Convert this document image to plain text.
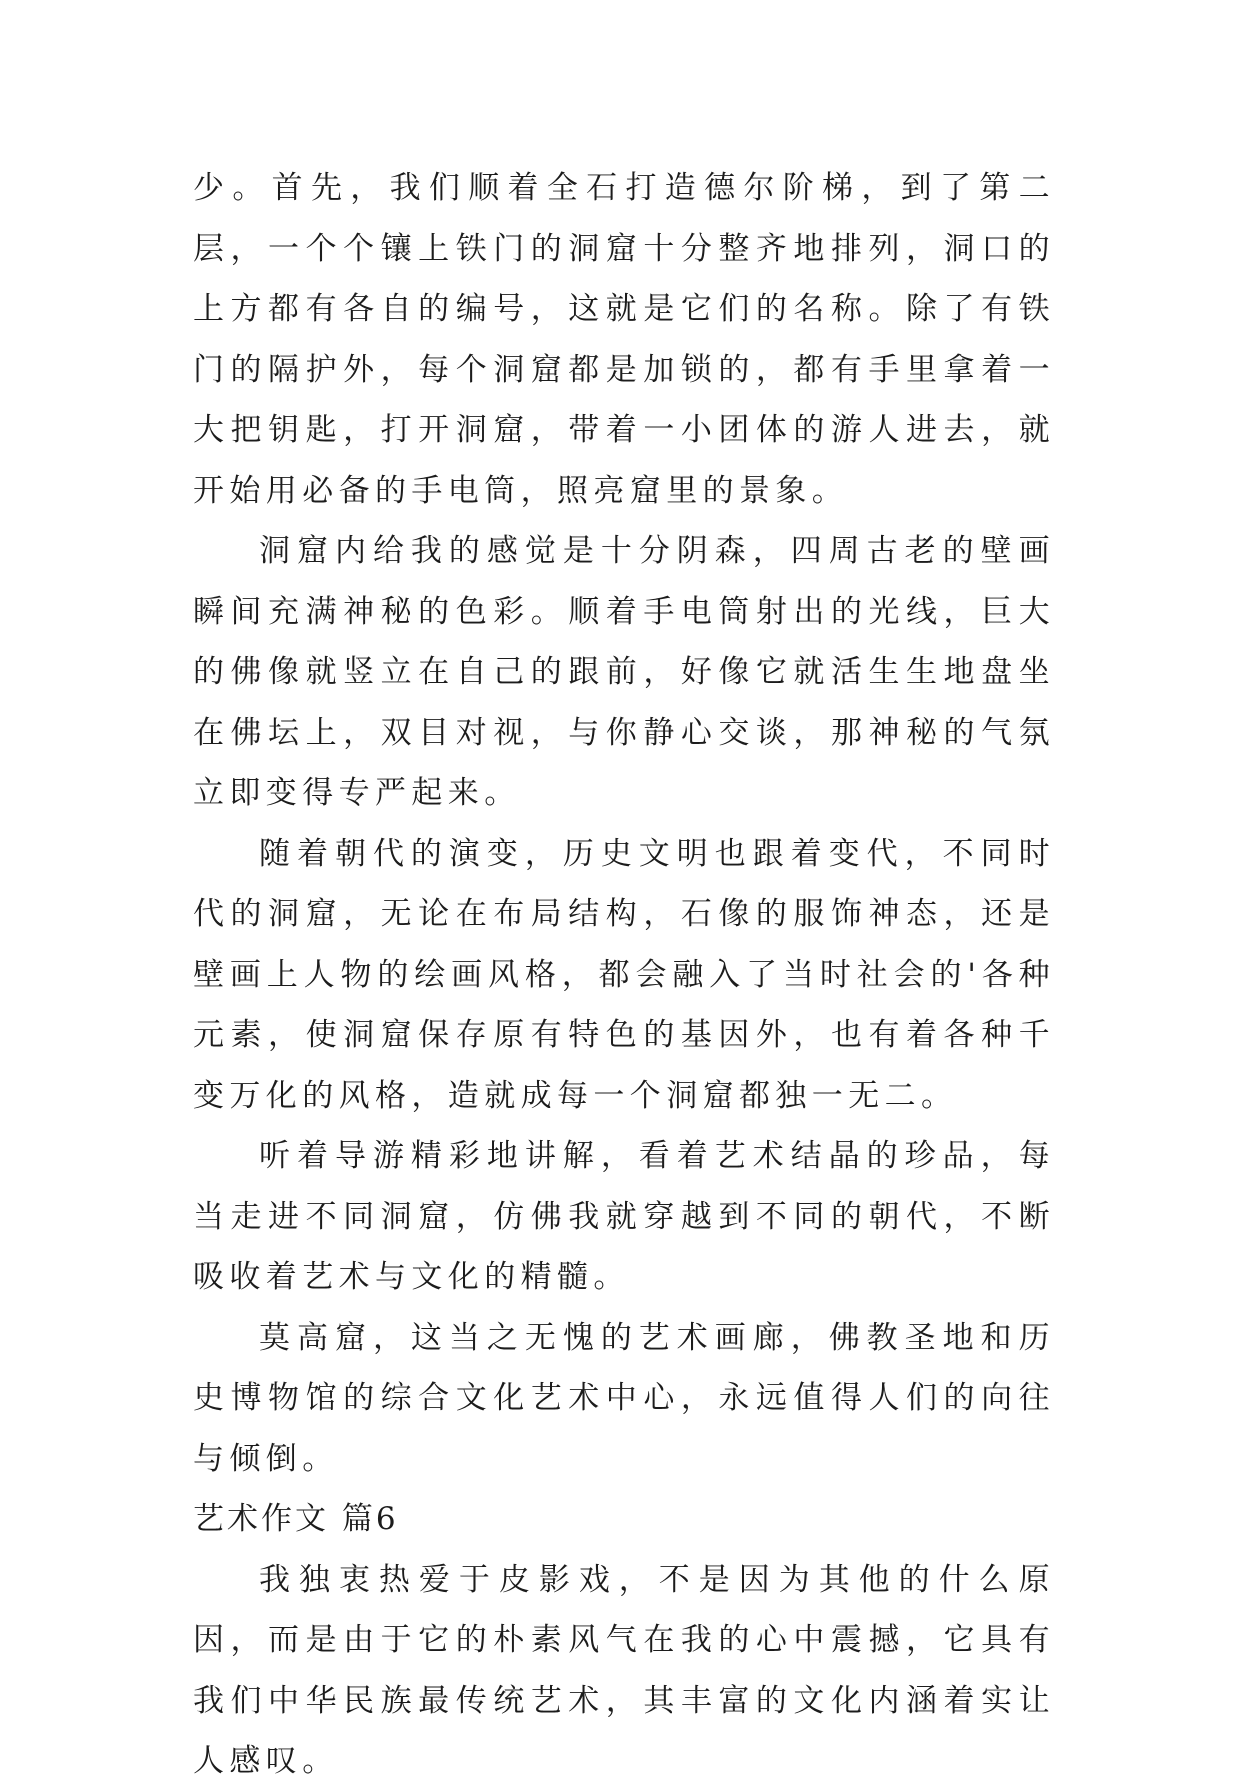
少。首先，我们顺着全石打造德尔阶梯，到了第二层，一个个镶上铁门的洞窟十分整齐地排列，洞口的上方都有各自的编号，这就是它们的名称。除了有铁门的隔护外，每个洞窟都是加锁的，都有手里拿着一大把钥匙，打开洞窟，带着一小团体的游人进去，就开始用必备的手电筒，照亮窟里的景象。

洞窟内给我的感觉是十分阴森，四周古老的壁画瞬间充满神秘的色彩。顺着手电筒射出的光线，巨大的佛像就竖立在自己的跟前，好像它就活生生地盘坐在佛坛上，双目对视，与你静心交谈，那神秘的气氛立即变得专严起来。

随着朝代的演变，历史文明也跟着变代，不同时代的洞窟，无论在布局结构，石像的服饰神态，还是壁画上人物的绘画风格，都会融入了当时社会的'各种元素，使洞窟保存原有特色的基因外，也有着各种千变万化的风格，造就成每一个洞窟都独一无二。

听着导游精彩地讲解，看着艺术结晶的珍品，每当走进不同洞窟，仿佛我就穿越到不同的朝代，不断吸收着艺术与文化的精髓。

莫高窟，这当之无愧的艺术画廊，佛教圣地和历史博物馆的综合文化艺术中心，永远值得人们的向往与倾倒。

艺术作文 篇6

我独衷热爱于皮影戏，不是因为其他的什么原因，而是由于它的朴素风气在我的心中震撼，它具有我们中华民族最传统艺术，其丰富的文化内涵着实让人感叹。
